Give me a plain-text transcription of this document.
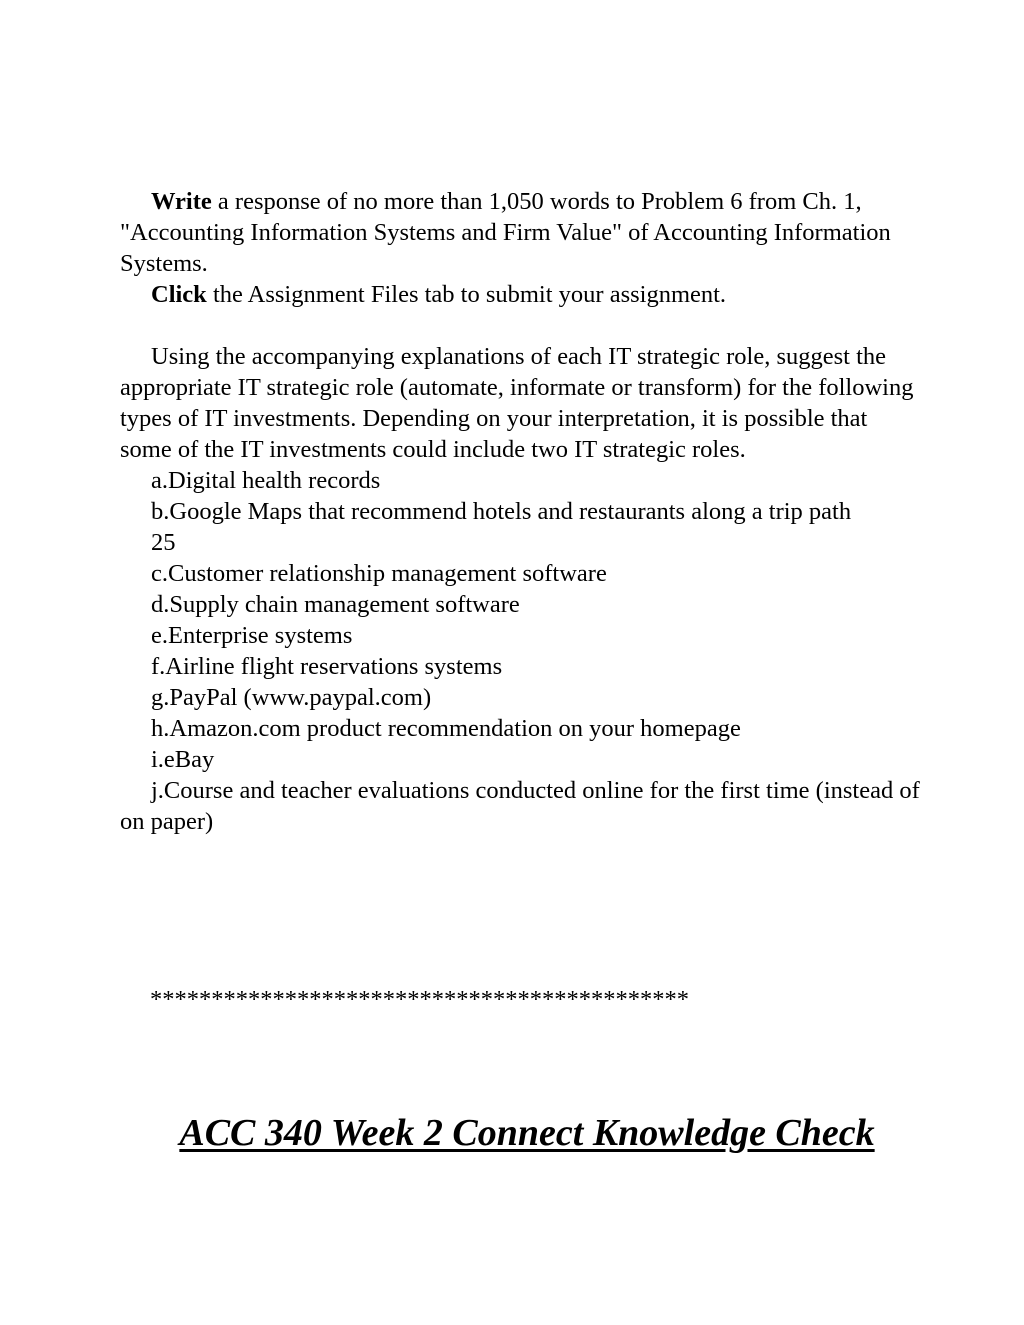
Write a response of no more than 1,050 words to Problem 6 from Ch. 1, "Accounting Information Systems and Firm Value" of Accounting Information Systems.

Click the Assignment Files tab to submit your assignment.

Using the accompanying explanations of each IT strategic role, suggest the appropriate IT strategic role (automate, informate or transform) for the following types of IT investments. Depending on your interpretation, it is possible that some of the IT investments could include two IT strategic roles.

a.Digital health records

b.Google Maps that recommend hotels and restaurants along a trip path

25

c.Customer relationship management software

d.Supply chain management software

e.Enterprise systems

f.Airline flight reservations systems

g.PayPal (www.paypal.com)

h.Amazon.com product recommendation on your homepage

i.eBay

j.Course and teacher evaluations conducted online for the first time (instead of on paper)

********************************************
ACC 340 Week 2 Connect Knowledge Check
